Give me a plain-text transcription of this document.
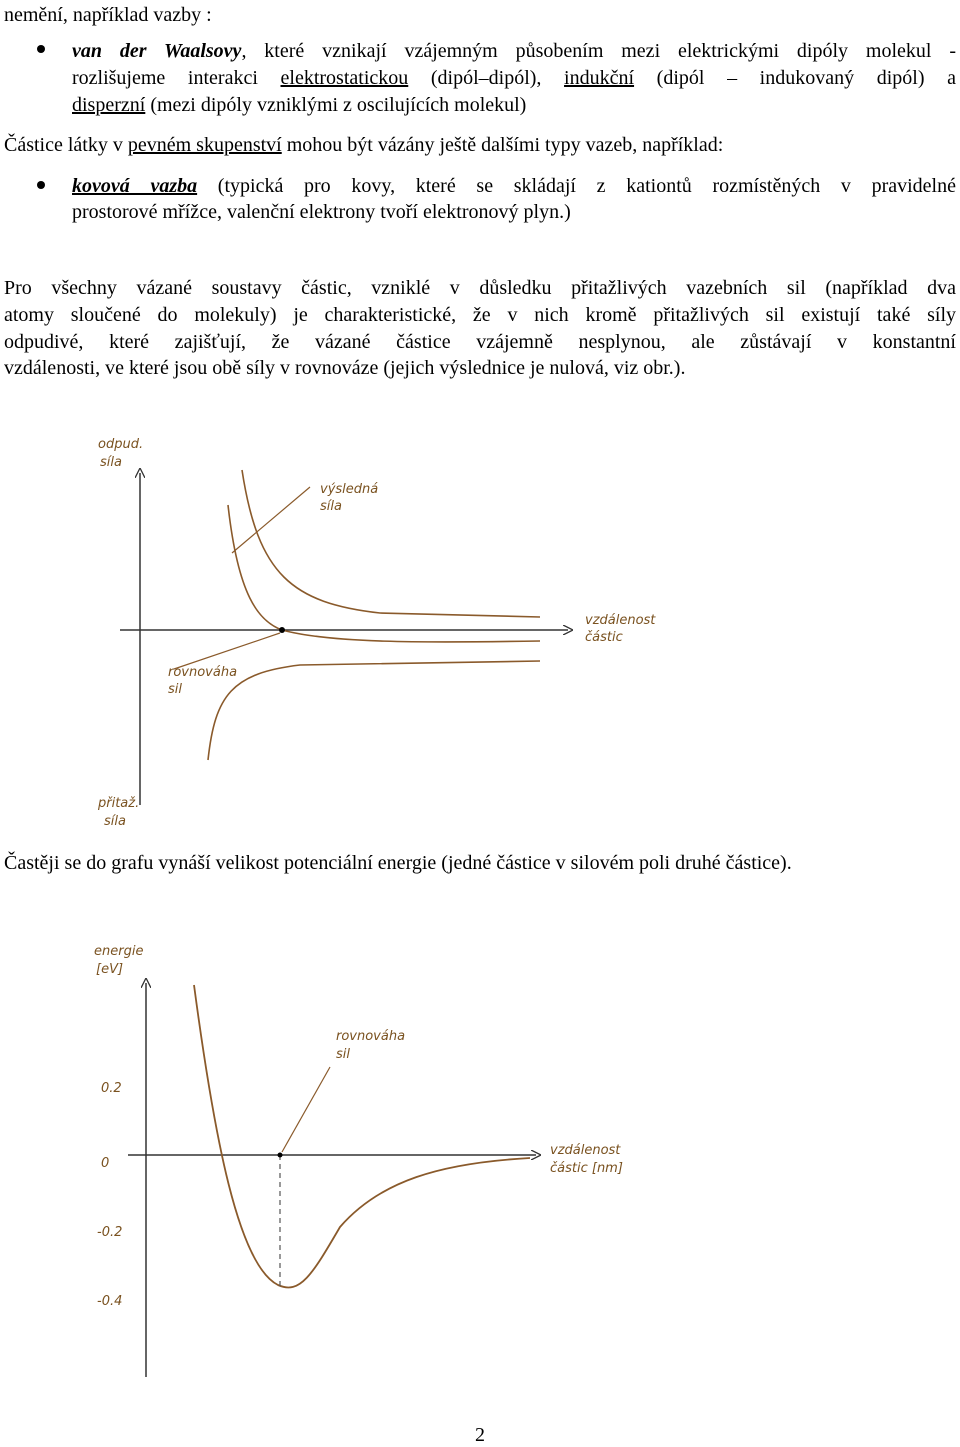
nemění, například vazby :
van der Waalsovy, které vznikají vzájemným působením mezi elektrickými dipóly molekul -
rozlišujeme interakci elektrostatickou (dipól–dipól), indukční (dipól – indukovaný dipól) a
disperzní (mezi dipóly vzniklými z oscilujících molekul)
Částice látky v pevném skupenství mohou být vázány ještě dalšími typy vazeb, například:
kovová vazba (typická pro kovy, které se skládají z kationtů rozmístěných v pravidelné
prostorové mřížce, valenční elektrony tvoří elektronový plyn.)
Pro všechny vázané soustavy částic, vzniklé v důsledku přitažlivých vazebních sil (například dva
atomy sloučené do molekuly) je charakteristické, že v nich kromě přitažlivých sil existují také síly
odpudivé, které zajišťují, že vázané částice vzájemně nesplynou, ale zůstávají v konstantní
vzdálenosti, ve které jsou obě síly v rovnováze (jejich výslednice je nulová, viz obr.).
odpud.
síla
přitaž.
síla
vzdálenost
částic
výsledná
síla
rovnováha
sil
Častěji se do grafu vynáší velikost potenciální energie (jedné částice v silovém poli druhé částice).
energie
[eV]
rovnováha
sil
vzdálenost
částic [nm]
0.2
0
-0.2
-0.4
2
